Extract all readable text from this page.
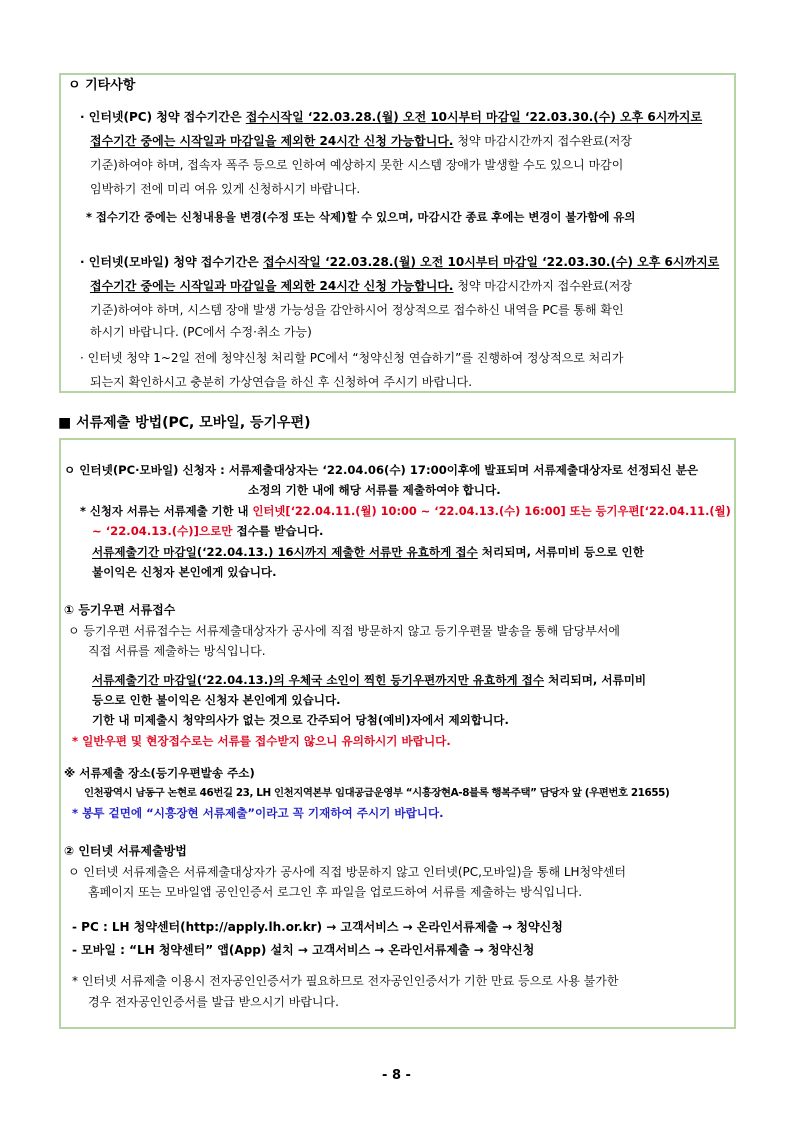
ㅇ 기타사항
· 인터넷(PC) 청약 접수기간은 접수시작일 ‘22.03.28.(월) 오전 10시부터 마감일 ‘22.03.30.(수) 오후 6시까지로
접수기간 중에는 시작일과 마감일을 제외한 24시간 신청 가능합니다. 청약 마감시간까지 접수완료(저장
기준)하여야 하며, 접속자 폭주 등으로 인하여 예상하지 못한 시스템 장애가 발생할 수도 있으니 마감이
임박하기 전에 미리 여유 있게 신청하시기 바랍니다.
* 접수기간 중에는 신청내용을 변경(수정 또는 삭제)할 수 있으며, 마감시간 종료 후에는 변경이 불가함에 유의
· 인터넷(모바일) 청약 접수기간은 접수시작일 ‘22.03.28.(월) 오전 10시부터 마감일 ‘22.03.30.(수) 오후 6시까지로
접수기간 중에는 시작일과 마감일을 제외한 24시간 신청 가능합니다. 청약 마감시간까지 접수완료(저장
기준)하여야 하며, 시스템 장애 발생 가능성을 감안하시어 정상적으로 접수하신 내역을 PC를 통해 확인
하시기 바랍니다. (PC에서 수정·취소 가능)
· 인터넷 청약 1~2일 전에 청약신청 처리할 PC에서 “청약신청 연습하기”를 진행하여 정상적으로 처리가
되는지 확인하시고 충분히 가상연습을 하신 후 신청하여 주시기 바랍니다.
■ 서류제출 방법(PC, 모바일, 등기우편)
ㅇ 인터넷(PC·모바일) 신청자 : 서류제출대상자는 ‘22.04.06(수) 17:00이후에 발표되며 서류제출대상자로 선정되신 분은
소정의 기한 내에 해당 서류를 제출하여야 합니다.
* 신청자 서류는 서류제출 기한 내 인터넷[‘22.04.11.(월) 10:00 ~ ‘22.04.13.(수) 16:00] 또는 등기우편[‘22.04.11.(월)
~ ‘22.04.13.(수)]으로만 접수를 받습니다.
서류제출기간 마감일(‘22.04.13.) 16시까지 제출한 서류만 유효하게 접수 처리되며, 서류미비 등으로 인한
불이익은 신청자 본인에게 있습니다.
① 등기우편 서류접수
ㅇ 등기우편 서류접수는 서류제출대상자가 공사에 직접 방문하지 않고 등기우편물 발송을 통해 담당부서에
직접 서류를 제출하는 방식입니다.
서류제출기간 마감일(‘22.04.13.)의 우체국 소인이 찍힌 등기우편까지만 유효하게 접수 처리되며, 서류미비
등으로 인한 불이익은 신청자 본인에게 있습니다.
기한 내 미제출시 청약의사가 없는 것으로 간주되어 당첨(예비)자에서 제외합니다.
* 일반우편 및 현장접수로는 서류를 접수받지 않으니 유의하시기 바랍니다.
※ 서류제출 장소(등기우편발송 주소)
인천광역시 남동구 논현로 46번길 23, LH 인천지역본부 임대공급운영부 “시흥장현A-8블록 행복주택” 담당자 앞 (우편번호 21655)
* 봉투 겉면에 “시흥장현 서류제출”이라고 꼭 기재하여 주시기 바랍니다.
② 인터넷 서류제출방법
ㅇ 인터넷 서류제출은 서류제출대상자가 공사에 직접 방문하지 않고 인터넷(PC,모바일)을 통해 LH청약센터
홈페이지 또는 모바일앱 공인인증서 로그인 후 파일을 업로드하여 서류를 제출하는 방식입니다.
- PC : LH 청약센터(http://apply.lh.or.kr) → 고객서비스 → 온라인서류제출 → 청약신청
- 모바일 : “LH 청약센터” 앱(App) 설치 → 고객서비스 → 온라인서류제출 → 청약신청
* 인터넷 서류제출 이용시 전자공인인증서가 필요하므로 전자공인인증서가 기한 만료 등으로 사용 불가한
경우 전자공인인증서를 발급 받으시기 바랍니다.
- 8 -
